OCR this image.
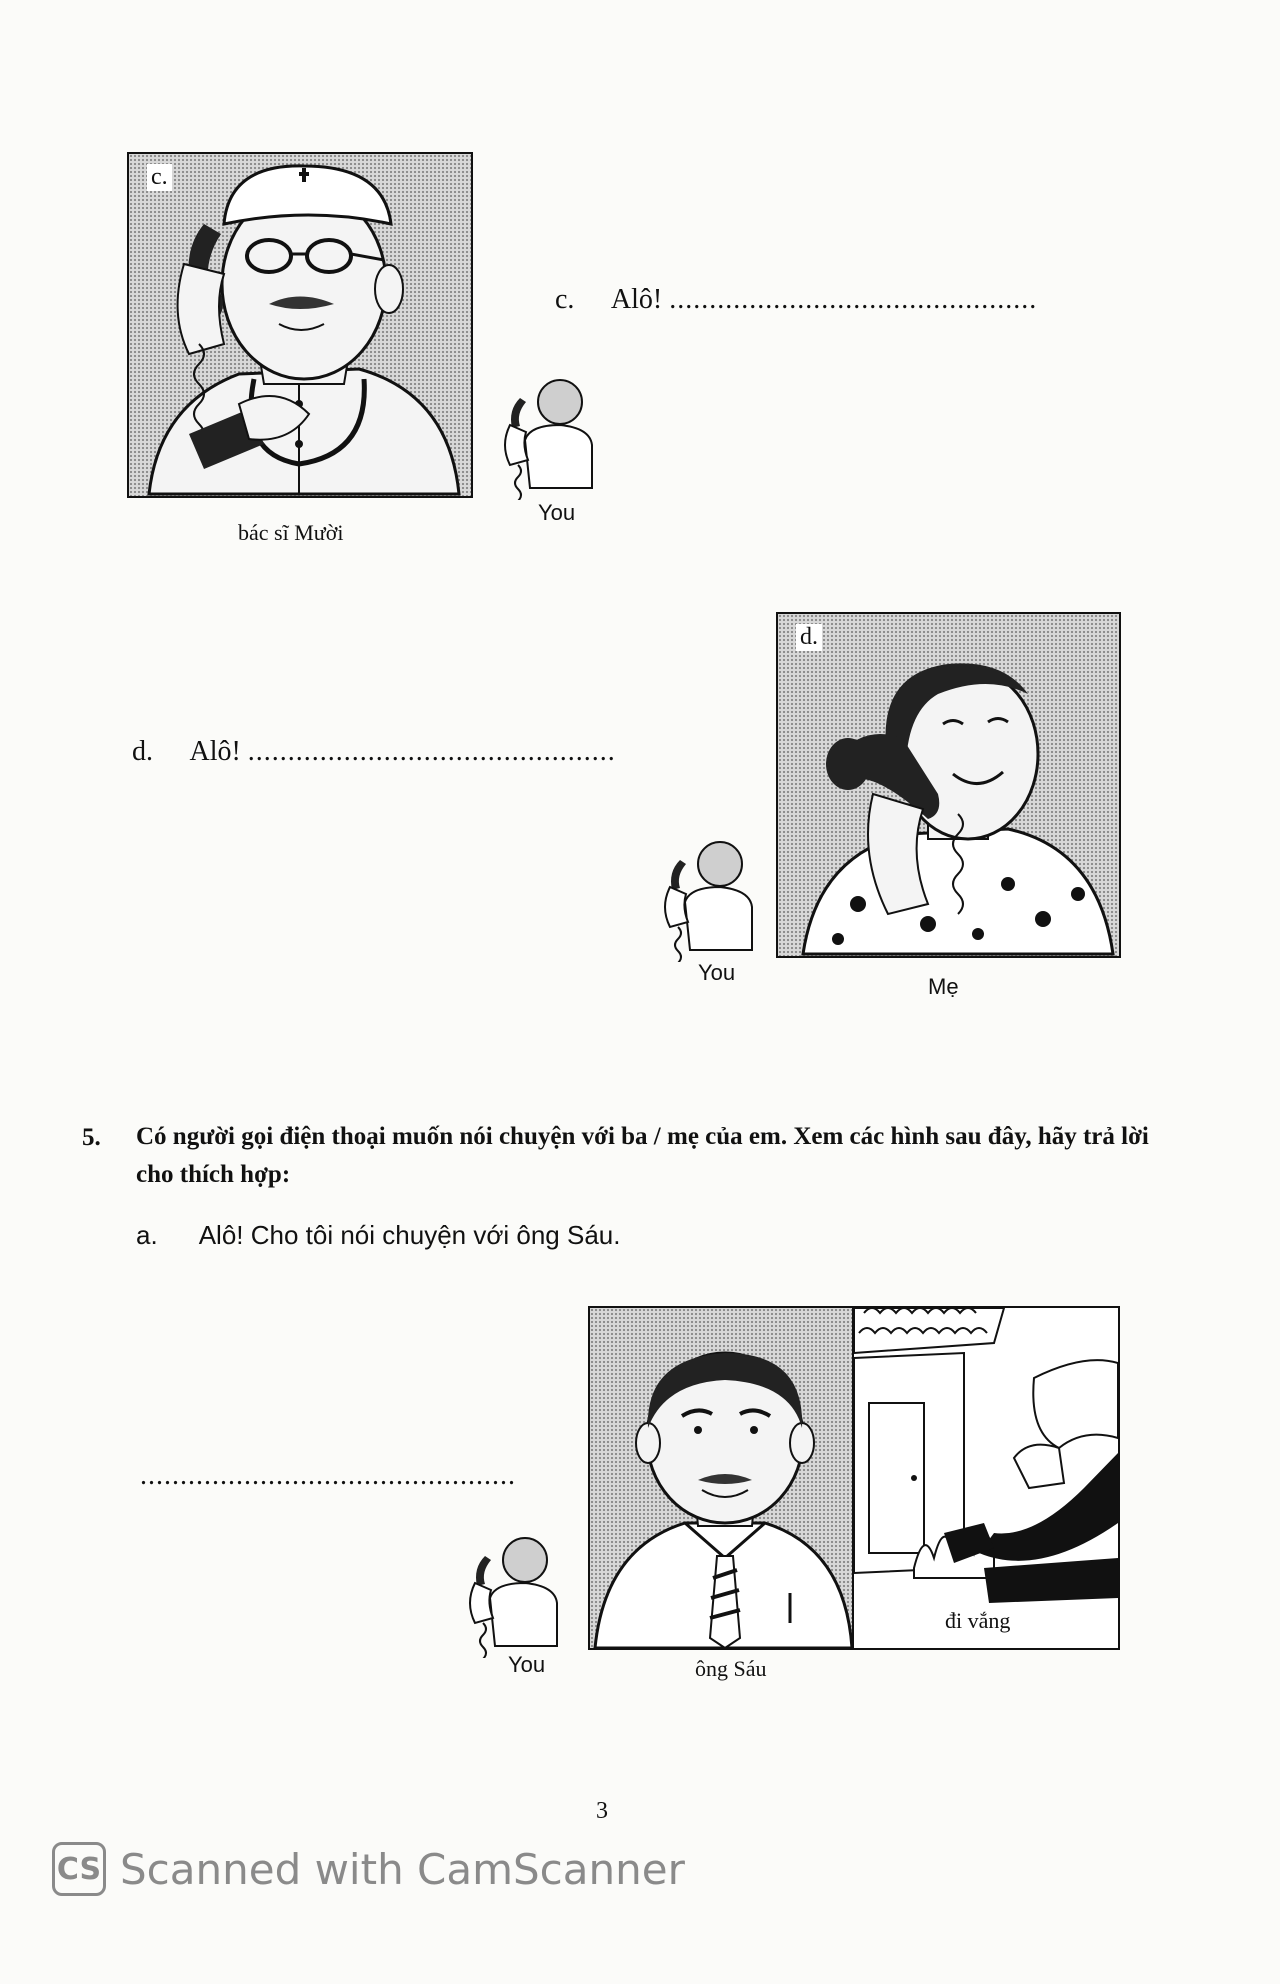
c.
bác sĩ Mười
You
c. Alô! ..............................................
d. Alô! ..............................................
You
d.
Mẹ
5. Có người gọi điện thoại muốn nói chuyện với ba / mẹ của em. Xem các hình sau đây, hãy trả lời cho thích hợp:
a. Alô! Cho tôi nói chuyện với ông Sáu.
...............................................
You
đi vắng
ông Sáu
3
CS Scanned with CamScanner
